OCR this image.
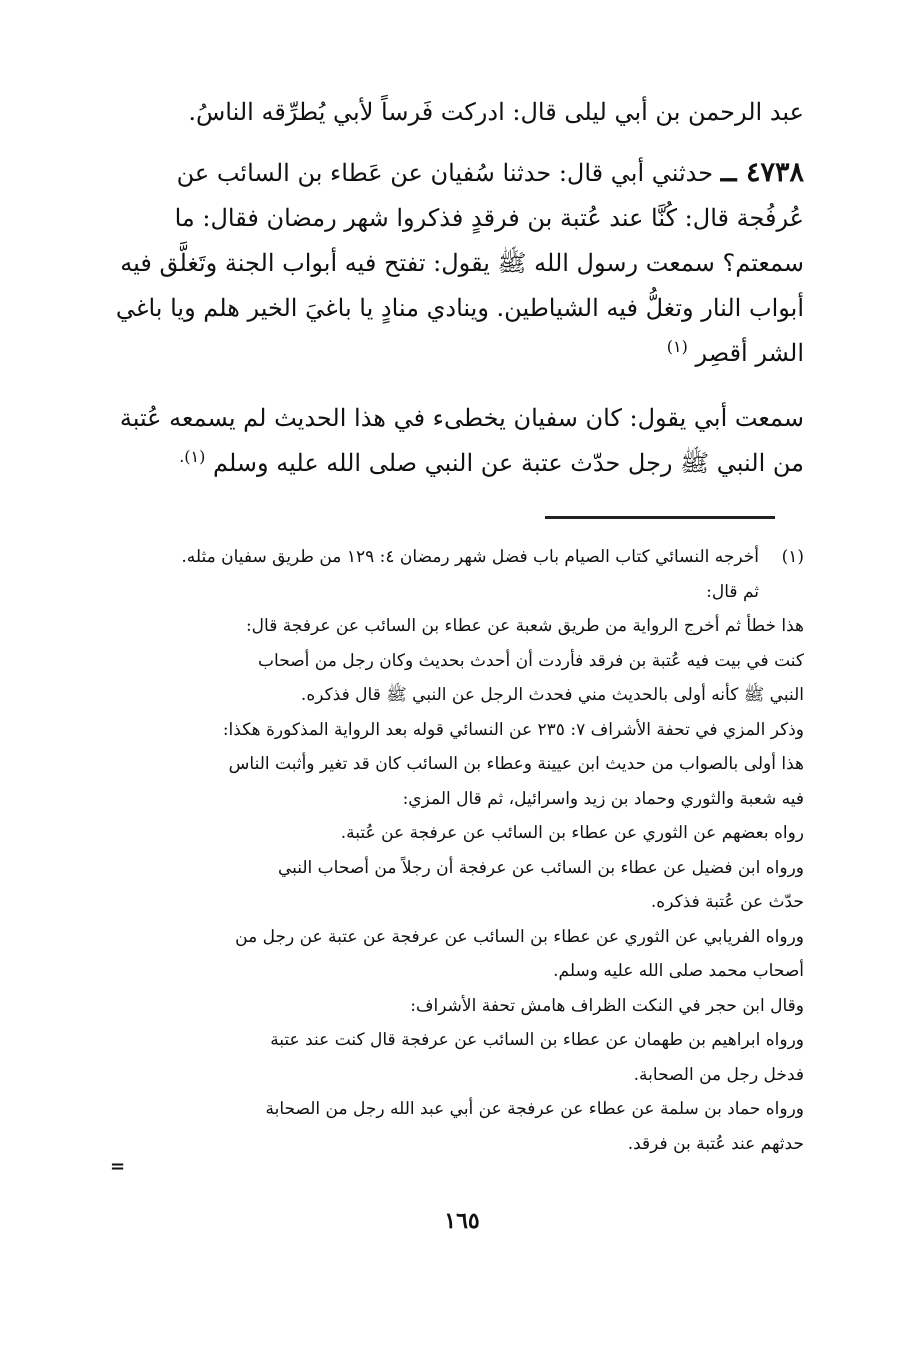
عبد الرحمن بن أبي ليلى قال: ادركت فَرساً لأبي يُطرِّقه الناسُ.
٤٧٣٨ ــ حدثني أبي قال: حدثنا سُفيان عن عَطاء بن السائب عن
عُرفُجة قال: كُنَّا عند عُتبة بن فرقدٍ فذكروا شهر رمضان فقال: ما
سمعتم؟ سمعت رسول الله ﷺ يقول: تفتح فيه أبواب الجنة وتَغلَّق فيه
أبواب النار وتغلُّ فيه الشياطين. وينادي منادٍ يا باغيَ الخير هلم ويا باغي
الشر أقصِر $^{(١)}$
سمعت أبي يقول: كان سفيان يخطىء في هذا الحديث لم يسمعه عُتبة
من النبي ﷺ رجل حدّث عتبة عن النبي صلى الله عليه وسلم $^{(١).}$
(١)
أخرجه النسائي كتاب الصيام باب فضل شهر رمضان ٤: ١٢٩ من طريق سفيان مثله.
ثم قال:
هذا خطأ ثم أخرج الرواية من طريق شعبة عن عطاء بن السائب عن عرفجة قال:
كنت في بيت فيه عُتبة بن فرقد فأردت أن أحدث بحديث وكان رجل من أصحاب
النبي ﷺ كأنه أولى بالحديث مني فحدث الرجل عن النبي ﷺ قال فذكره.
وذكر المزي في تحفة الأشراف ٧: ٢٣٥ عن النسائي قوله بعد الرواية المذكورة هكذا:
هذا أولى بالصواب من حديث ابن عيينة وعطاء بن السائب كان قد تغير وأثبت الناس
فيه شعبة والثوري وحماد بن زيد واسرائيل، ثم قال المزي:
رواه بعضهم عن الثوري عن عطاء بن السائب عن عرفجة عن عُتبة.
ورواه ابن فضيل عن عطاء بن السائب عن عرفجة أن رجلاً من أصحاب النبي
حدّث عن عُتبة فذكره.
ورواه الفريابي عن الثوري عن عطاء بن السائب عن عرفجة عن عتبة عن رجل من
أصحاب محمد صلى الله عليه وسلم.
وقال ابن حجر في النكت الظراف هامش تحفة الأشراف:
ورواه ابراهيم بن طهمان عن عطاء بن السائب عن عرفجة قال كنت عند عتبة
فدخل رجل من الصحابة.
ورواه حماد بن سلمة عن عطاء عن عرفجة عن أبي عبد الله رجل من الصحابة
حدثهم عند عُتبة بن فرقد.
=
١٦٥
